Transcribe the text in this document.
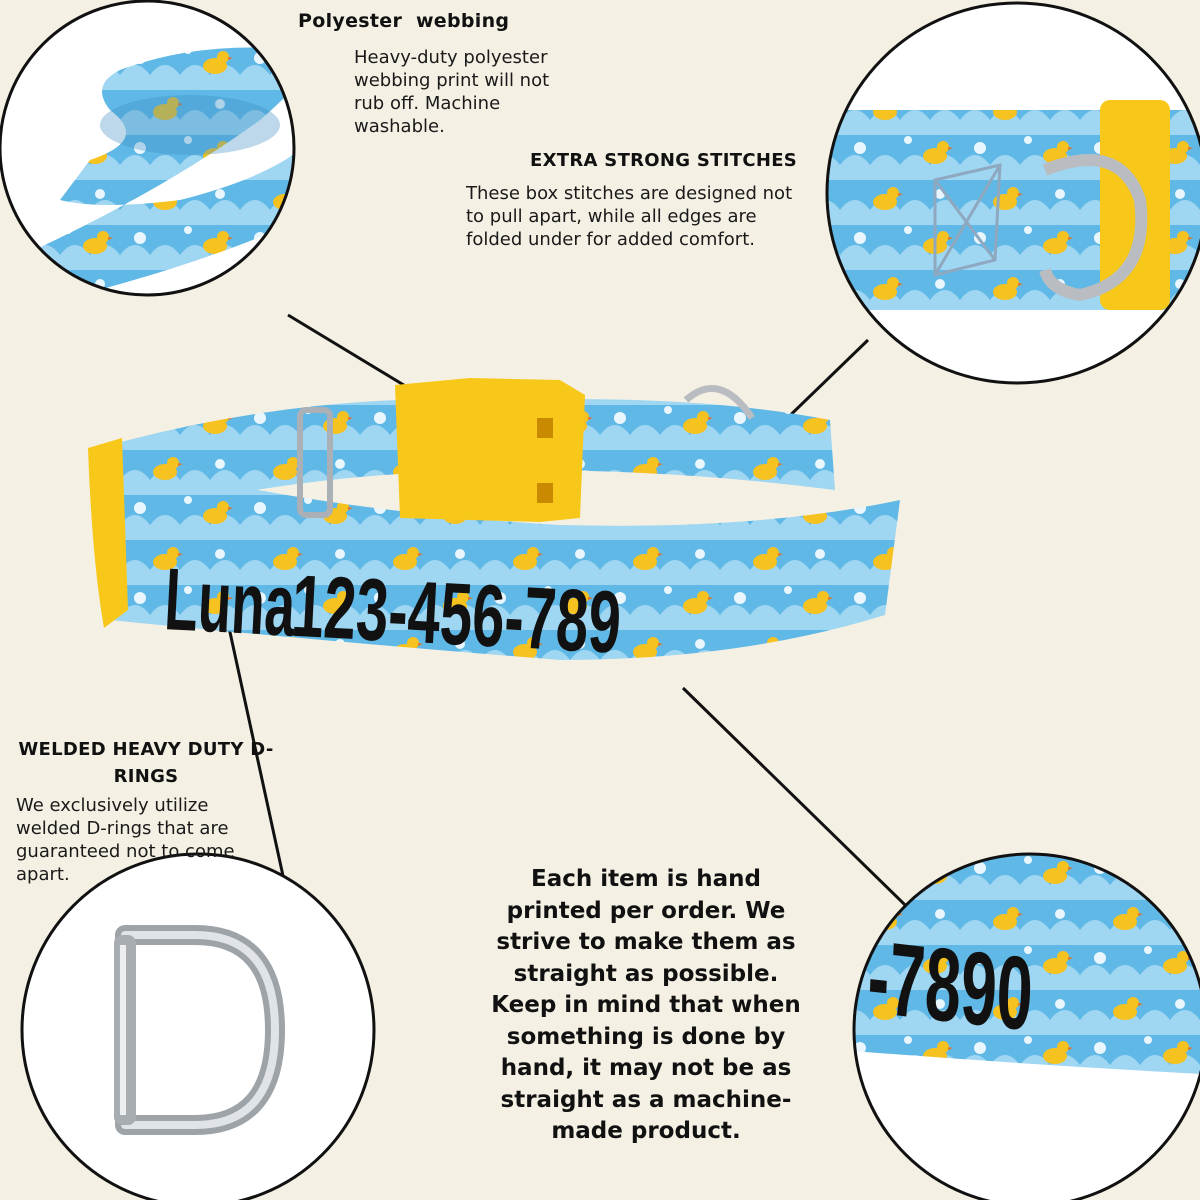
Luna 123-456-789
-7890
Polyester  webbing
Heavy-duty polyester
webbing print will not
rub off. Machine
washable.
EXTRA STRONG STITCHES
These box stitches are designed not
to pull apart, while all edges are
folded under for added comfort.
WELDED HEAVY DUTY D-
RINGS
We exclusively utilize
welded D-rings that are
guaranteed not to come
apart.	Each item is hand
printed per order. We
strive to make them as
straight as possible.
Keep in mind that when
something is done by
hand, it may not be as
straight as a machine-
made product.
